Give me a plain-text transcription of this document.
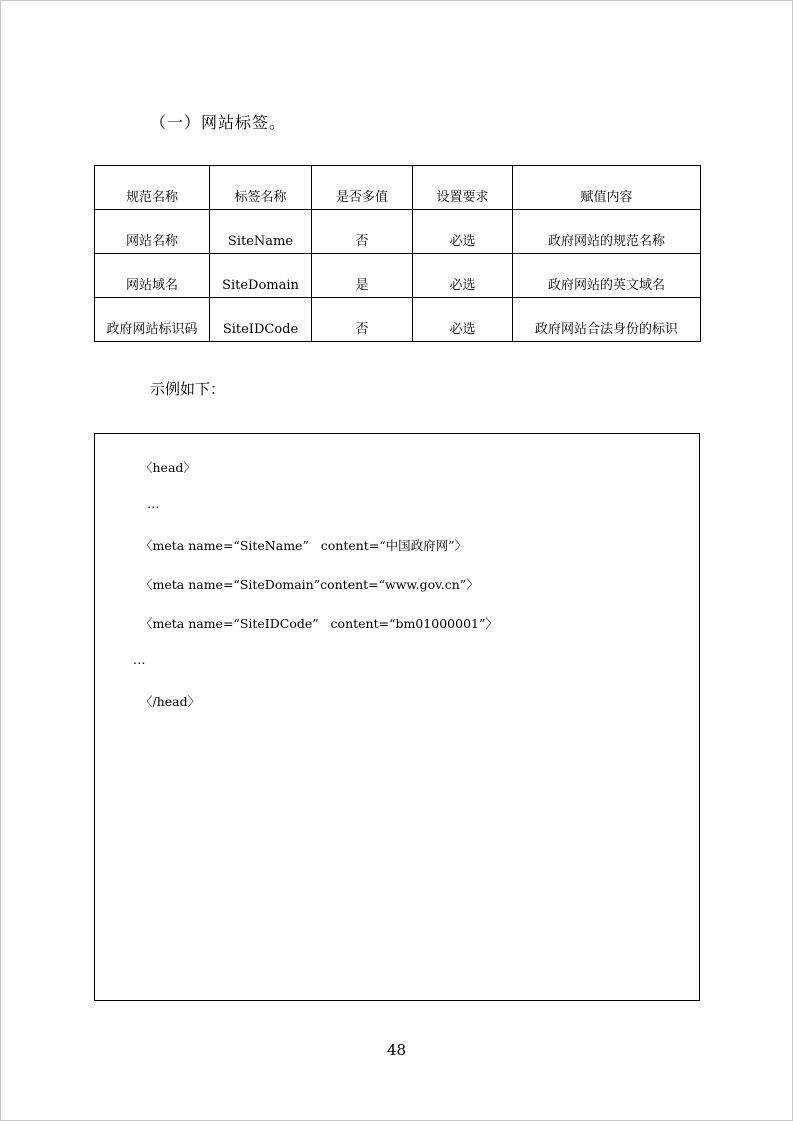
（一）网站标签。
规范名称	标签名称	是否多值	设置要求	赋值内容
网站名称	SiteName	否	必选	政府网站的规范名称
网站域名	SiteDomain	是	必选	政府网站的英文域名
政府网站标识码	SiteIDCode	否	必选	政府网站合法身份的标识
示例如下：
〈head〉
…
〈meta name=“SiteName”   content=“中国政府网”〉
〈meta name=“SiteDomain”content=“www.gov.cn”〉
〈meta name=“SiteIDCode”   content=“bm01000001”〉
…
〈/head〉
48
